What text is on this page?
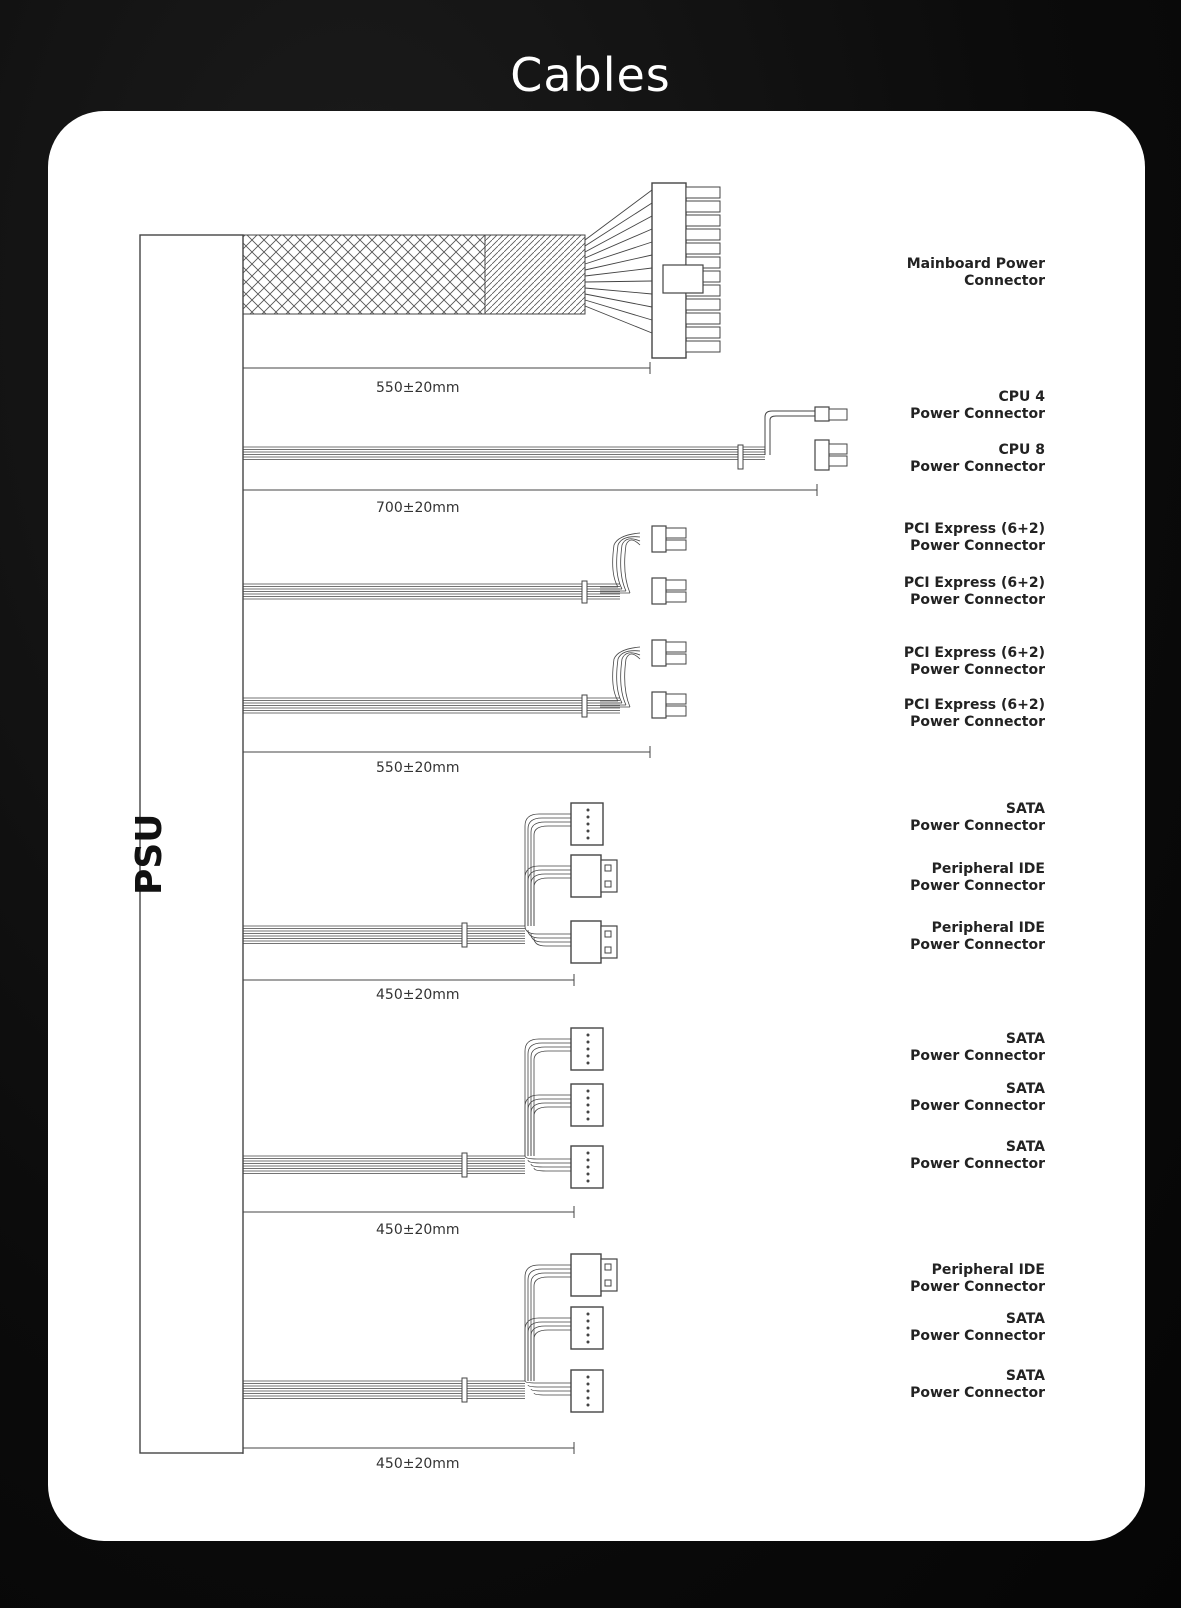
Cables
PSU
550±20mm
700±20mm
550±20mm
450±20mm
450±20mm
450±20mm
Mainboard Power
Connector
CPU 4
Power Connector
CPU 8
Power Connector
PCI Express (6+2)
Power Connector
PCI Express (6+2)
Power Connector
PCI Express (6+2)
Power Connector
PCI Express (6+2)
Power Connector
SATA
Power Connector
Peripheral IDE
Power Connector
Peripheral IDE
Power Connector
SATA
Power Connector
SATA
Power Connector
SATA
Power Connector
Peripheral IDE
Power Connector
SATA
Power Connector
SATA
Power Connector
